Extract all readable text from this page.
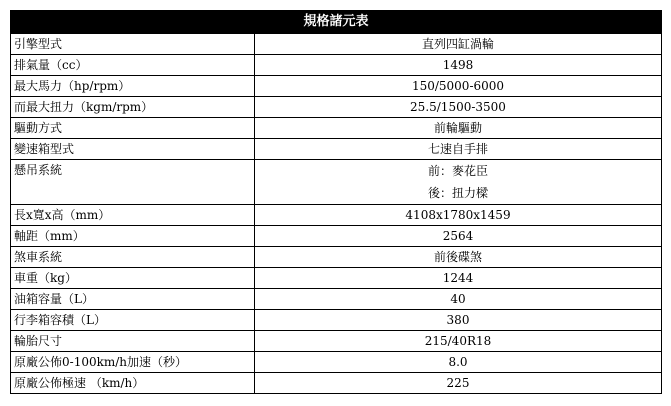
規格諸元表	
引擎型式	直列四缸渦輪
排氣量（cc）	1498
最大馬力（hp/rpm）	150/5000-6000
而最大扭力（kgm/rpm）	25.5/1500-3500
驅動方式	前輪驅動
變速箱型式	七速自手排
懸吊系統	前：麥花臣
後：扭力樑

長x寬x高（mm）	4108x1780x1459
軸距（mm）	2564
煞車系統	前後碟煞
車重（kg）	1244
油箱容量（L）	40
行李箱容積（L）	380
輪胎尺寸	215/40R18
原廠公佈0-100km/h加速（秒）	8.0
原廠公佈極速 （km/h）	225
